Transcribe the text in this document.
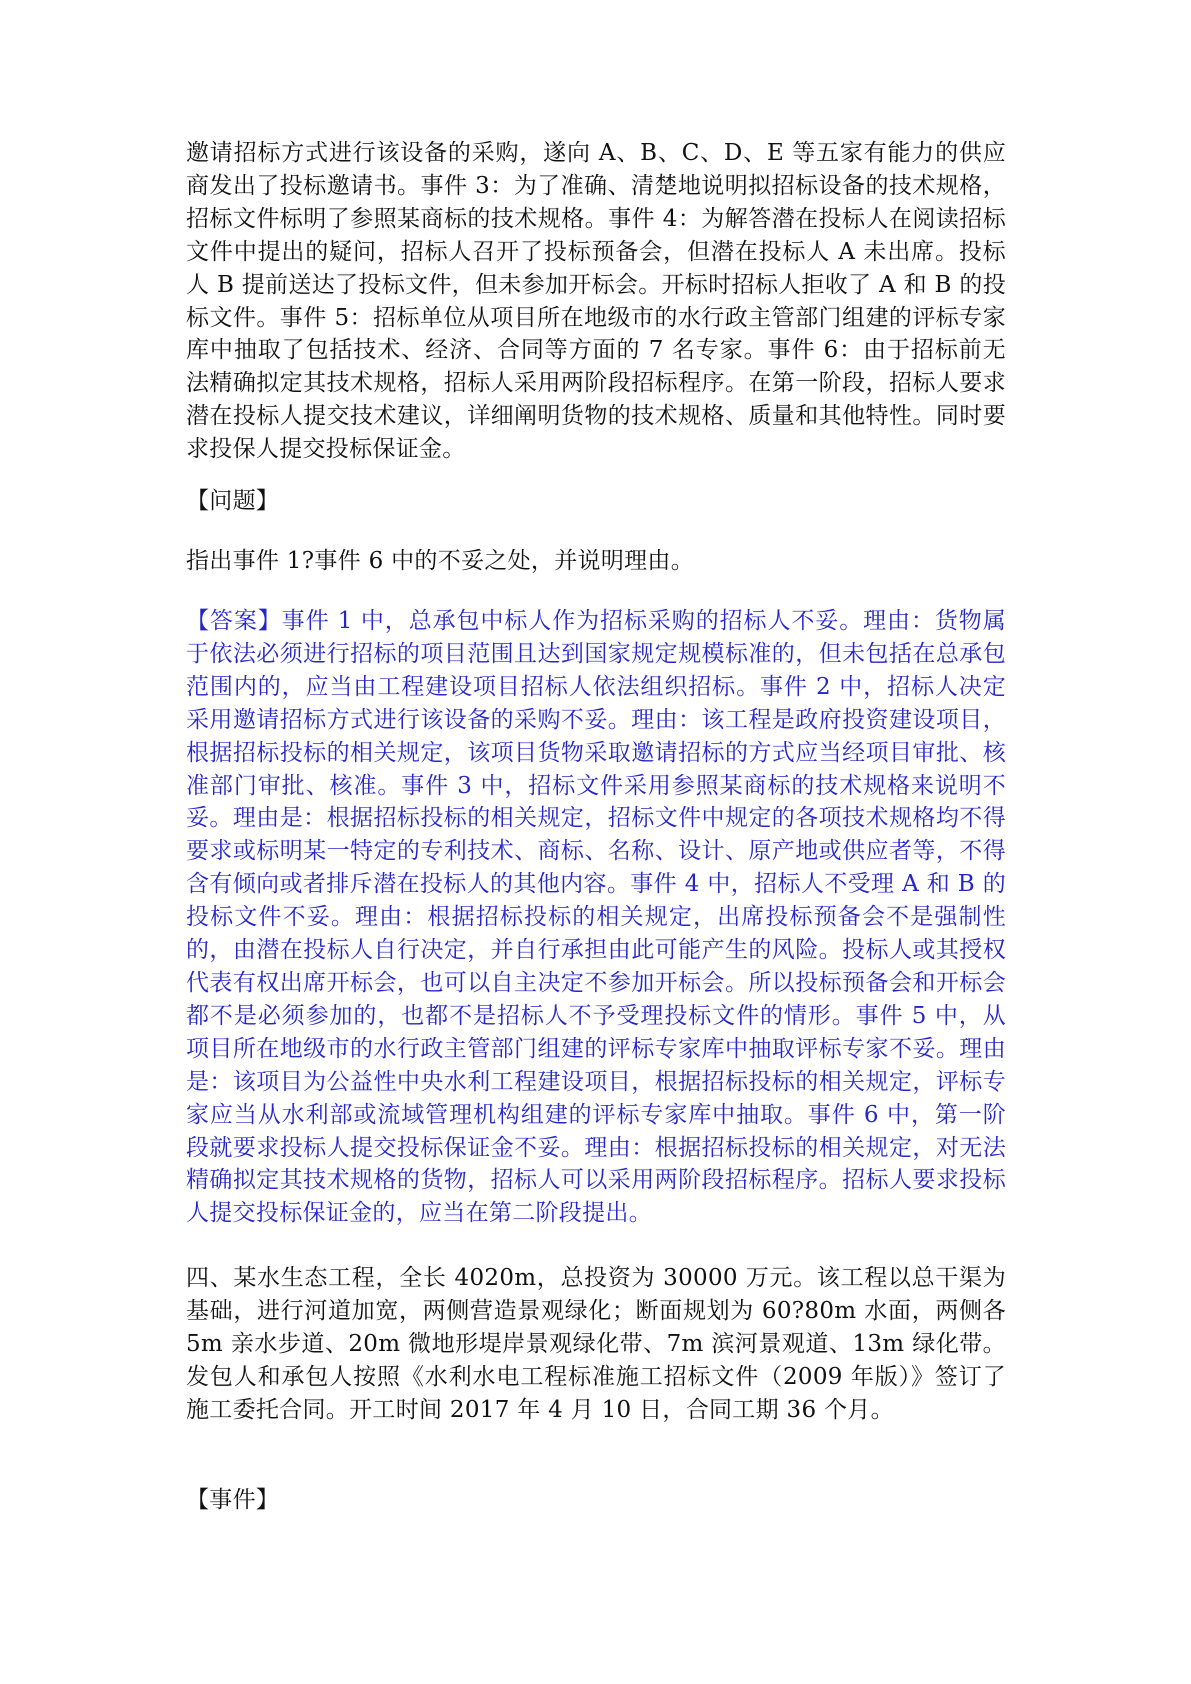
邀请招标方式进行该设备的采购，遂向 A、B、C、D、E 等五家有能力的供应商发出了投标邀请书。事件 3：为了准确、清楚地说明拟招标设备的技术规格，招标文件标明了参照某商标的技术规格。事件 4：为解答潜在投标人在阅读招标文件中提出的疑问，招标人召开了投标预备会，但潜在投标人 A 未出席。投标人 B 提前送达了投标文件，但未参加开标会。开标时招标人拒收了 A 和 B 的投标文件。事件 5：招标单位从项目所在地级市的水行政主管部门组建的评标专家库中抽取了包括技术、经济、合同等方面的 7 名专家。事件 6：由于招标前无法精确拟定其技术规格，招标人采用两阶段招标程序。在第一阶段，招标人要求潜在投标人提交技术建议，详细阐明货物的技术规格、质量和其他特性。同时要求投保人提交投标保证金。

【问题】

指出事件 1?事件 6 中的不妥之处，并说明理由。

【答案】事件 1 中，总承包中标人作为招标采购的招标人不妥。理由：货物属于依法必须进行招标的项目范围且达到国家规定规模标准的，但未包括在总承包范围内的，应当由工程建设项目招标人依法组织招标。事件 2 中，招标人决定采用邀请招标方式进行该设备的采购不妥。理由：该工程是政府投资建设项目，根据招标投标的相关规定，该项目货物采取邀请招标的方式应当经项目审批、核准部门审批、核准。事件 3 中，招标文件采用参照某商标的技术规格来说明不妥。理由是：根据招标投标的相关规定，招标文件中规定的各项技术规格均不得要求或标明某一特定的专利技术、商标、名称、设计、原产地或供应者等，不得含有倾向或者排斥潜在投标人的其他内容。事件 4 中，招标人不受理 A 和 B 的投标文件不妥。理由：根据招标投标的相关规定，出席投标预备会不是强制性的，由潜在投标人自行决定，并自行承担由此可能产生的风险。投标人或其授权代表有权出席开标会，也可以自主决定不参加开标会。所以投标预备会和开标会都不是必须参加的，也都不是招标人不予受理投标文件的情形。事件 5 中，从项目所在地级市的水行政主管部门组建的评标专家库中抽取评标专家不妥。理由是：该项目为公益性中央水利工程建设项目，根据招标投标的相关规定，评标专家应当从水利部或流域管理机构组建的评标专家库中抽取。事件 6 中，第一阶段就要求投标人提交投标保证金不妥。理由：根据招标投标的相关规定，对无法精确拟定其技术规格的货物，招标人可以采用两阶段招标程序。招标人要求投标人提交投标保证金的，应当在第二阶段提出。

四、某水生态工程，全长 4020m，总投资为 30000 万元。该工程以总干渠为基础，进行河道加宽，两侧营造景观绿化；断面规划为 60?80m 水面，两侧各 5m 亲水步道、20m 微地形堤岸景观绿化带、7m 滨河景观道、13m 绿化带。发包人和承包人按照《水利水电工程标准施工招标文件（2009 年版）》签订了施工委托合同。开工时间 2017 年 4 月 10 日，合同工期 36 个月。

【事件】
